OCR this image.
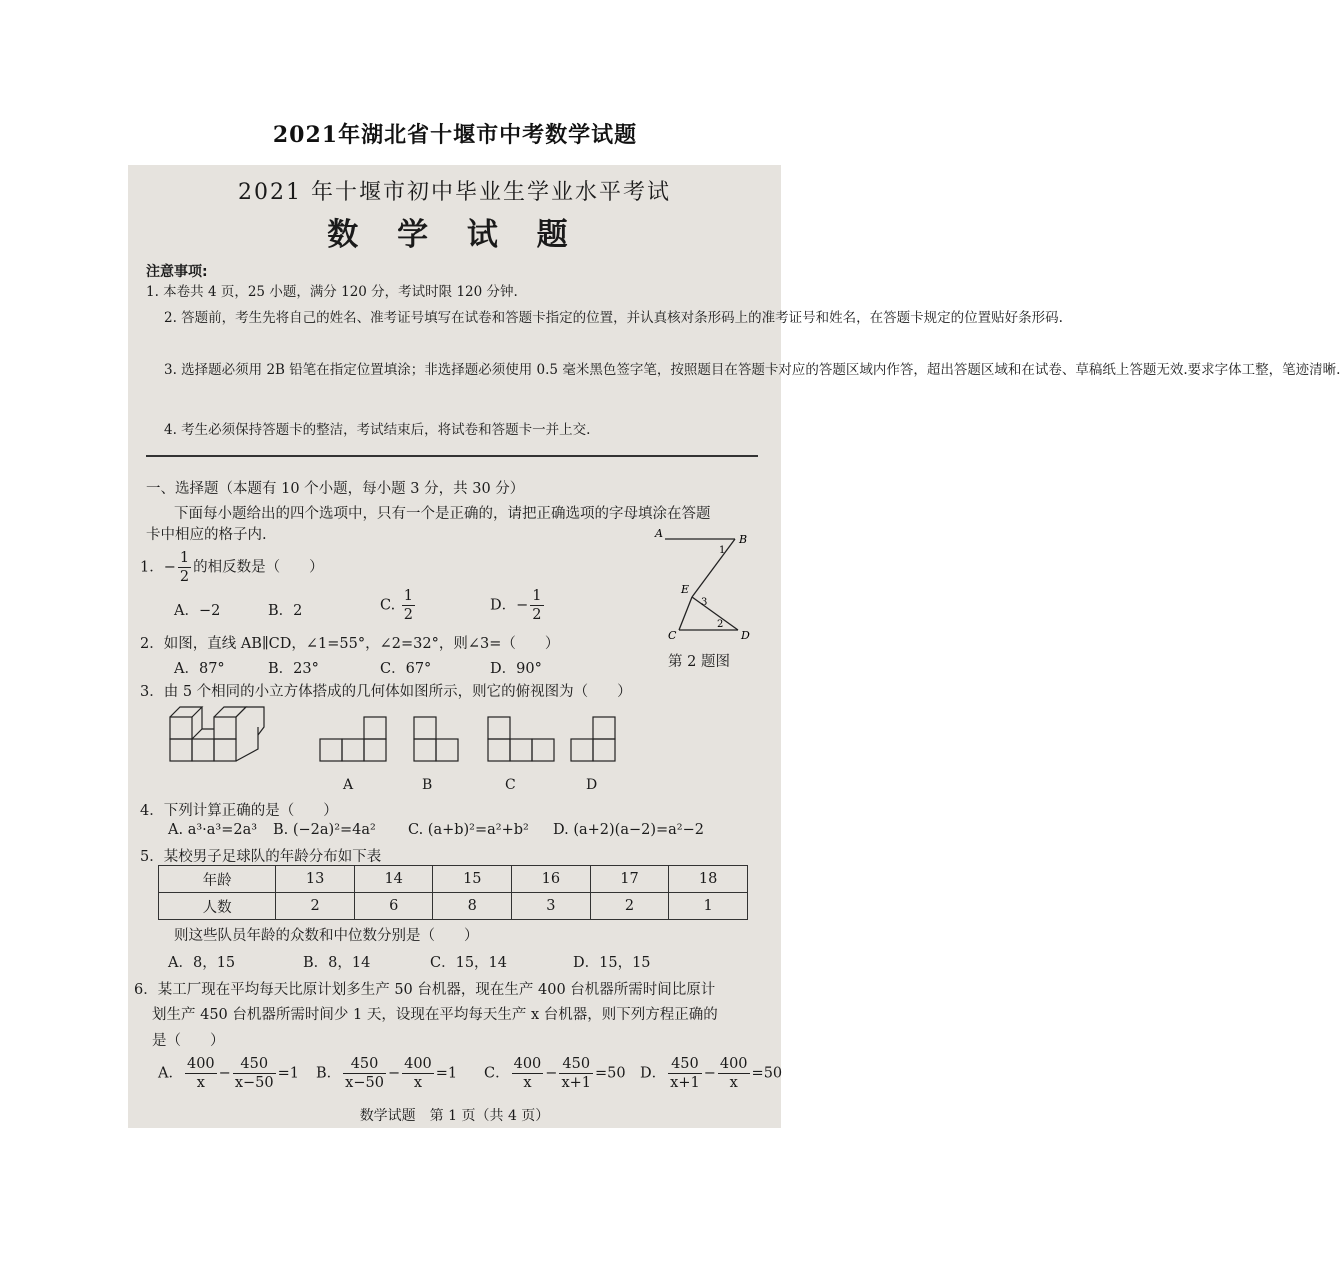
2021年湖北省十堰市中考数学试题
2021 年十堰市初中毕业生学业水平考试
数 学 试 题
注意事项:
1. 本卷共 4 页，25 小题，满分 120 分，考试时限 120 分钟.
2. 答题前，考生先将自己的姓名、准考证号填写在试卷和答题卡指定的位置，并认真核对条形码上的准考证号和姓名，在答题卡规定的位置贴好条形码.
3. 选择题必须用 2B 铅笔在指定位置填涂；非选择题必须使用 0.5 毫米黑色签字笔，按照题目在答题卡对应的答题区域内作答，超出答题区域和在试卷、草稿纸上答题无效.要求字体工整，笔迹清晰.
4. 考生必须保持答题卡的整洁，考试结束后，将试卷和答题卡一并上交.
一、选择题（本题有 10 个小题，每小题 3 分，共 30 分）
下面每小题给出的四个选项中，只有一个是正确的，请把正确选项的字母填涂在答题
卡中相应的格子内.
1．− $\frac{1}{2}$ 的相反数是（　　）
A．−2	B．2	C. $\frac{1}{2}$	D．− $\frac{1}{2}$
A	B
E
C	D
1
3
2
第 2 题图
2．如图，直线 AB∥CD，∠1=55°，∠2=32°，则∠3=（　　）
A．87°	B．23°	C．67°	D．90°
3．由 5 个相同的小立方体搭成的几何体如图所示，则它的俯视图为（　　）
A	B	C	D
4．下列计算正确的是（　　）
A. a³·a³=2a³ B. (−2a)²=4a² C. (a+b)²=a²+b² D. (a+2)(a−2)=a²−2
5．某校男子足球队的年龄分布如下表
年龄	13	14	15	16	17	18
人数	2	6	8	3	2	1
则这些队员年龄的众数和中位数分别是（　　）
A．8，15	B．8，14	C．15，14	D．15，15
6．某工厂现在平均每天比原计划多生产 50 台机器，现在生产 400 台机器所需时间比原计
划生产 450 台机器所需时间少 1 天，设现在平均每天生产 x 台机器，则下列方程正确的
是（　　）
A． $\frac{400}{x} - \frac{450}{x-50} =1$ B． $\frac{450}{x-50} - \frac{400}{x} =1$ C． $\frac{400}{x} - \frac{450}{x+1} =50$ D． $\frac{450}{x+1} - \frac{400}{x} =50$
数学试题　第 1 页（共 4 页）
